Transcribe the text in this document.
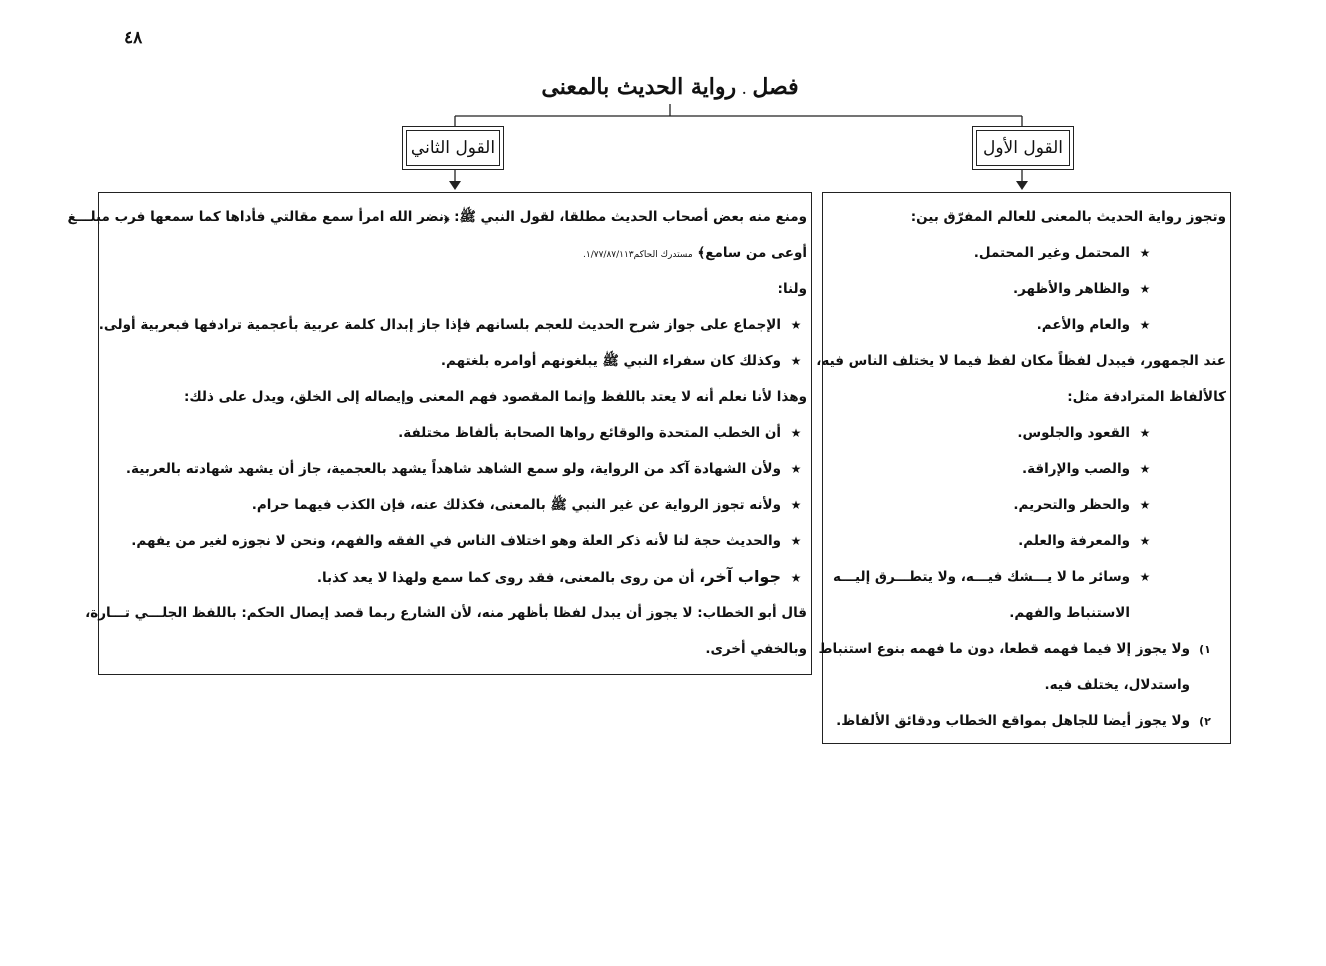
٤٨
فصل.رواية الحديث بالمعنى
القول الثاني	القول الأول
ومنع منه بعض أصحاب الحديث مطلقا، لقول النبي ﷺ: ﴿نضر الله امرأ سمع مقالتي فأداها كما سمعها فرب مبلـــغ
أوعى من سامع﴾ مستدرك الحاكم١/٧٧/٨٧/١١٣.
ولنا:
★الإجماع على جواز شرح الحديث للعجم بلسانهم فإذا جاز إبدال كلمة عربية بأعجمية ترادفها فبعربية أولى.
★وكذلك كان سفراء النبي ﷺ يبلغونهم أوامره بلغتهم.
وهذا لأنا نعلم أنه لا يعتد باللفظ وإنما المقصود فهم المعنى وإيصاله إلى الخلق، ويدل على ذلك:
★أن الخطب المتحدة والوقائع رواها الصحابة بألفاظ مختلفة.
★ولأن الشهادة آكد من الرواية، ولو سمع الشاهد شاهداً يشهد بالعجمية، جاز أن يشهد شهادته بالعربية.
★ولأنه تجوز الرواية عن غير النبي ﷺ بالمعنى، فكذلك عنه، فإن الكذب فيهما حرام.
★والحديث حجة لنا لأنه ذكر العلة وهو اختلاف الناس في الفقه والفهم، ونحن لا نجوزه لغير من يفهم.
★جواب آخر، أن من روى بالمعنى، فقد روى كما سمع ولهذا لا يعد كذبا.
قال أبو الخطاب: لا يجوز أن يبدل لفظا بأظهر منه، لأن الشارع ربما قصد إيصال الحكم: باللفظ الجلـــي تـــارة،
وبالخفي أخرى.
وتجوز رواية الحديث بالمعنى للعالم المفرّق بين:
★المحتمل وغير المحتمل.
★والظاهر والأظهر.
★والعام والأعم.
عند الجمهور، فيبدل لفظاً مكان لفظ فيما لا يختلف الناس فيه،
كالألفاظ المترادفة مثل:
★القعود والجلوس.
★والصب والإراقة.
★والحظر والتحريم.
★والمعرفة والعلم.
★وسائر ما لا يـــشك فيـــه، ولا يتطـــرق إليـــه
الاستنباط والفهم.
١)ولا يجوز إلا فيما فهمه قطعا، دون ما فهمه بنوع استنباط
واستدلال، يختلف فيه.
٢)ولا يجوز أيضا للجاهل بمواقع الخطاب ودقائق الألفاظ.
